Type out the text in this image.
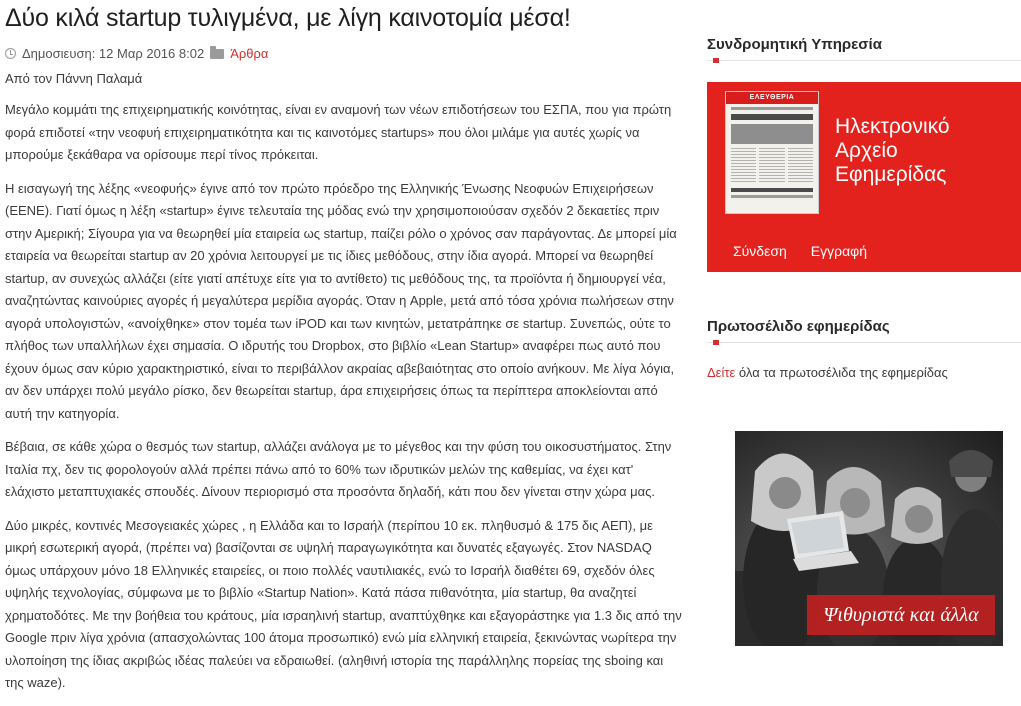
Δύο κιλά startup τυλιγμένα, με λίγη καινοτομία μέσα!
Δημοσιευση: 12 Μαρ 2016 8:02 Άρθρα
Από τον Πάννη Παλαμά

Μεγάλο κομμάτι της επιχειρηματικής κοινότητας, είναι εν αναμονή των νέων επιδοτήσεων του ΕΣΠΑ, που για πρώτη φορά επιδοτεί «την νεοφυή επιχειρηματικότητα και τις καινοτόμες startups» που όλοι μιλάμε για αυτές χωρίς να μπορούμε ξεκάθαρα να ορίσουμε περί τίνος πρόκειται.

Η εισαγωγή της λέξης «νεοφυής» έγινε από τον πρώτο πρόεδρο της Ελληνικής Ένωσης Νεοφυών Επιχειρήσεων (ΕΕΝΕ). Γιατί όμως η λέξη «startup» έγινε τελευταία της μόδας ενώ την χρησιμοποιούσαν σχεδόν 2 δεκαετίες πριν στην Αμερική; Σίγουρα για να θεωρηθεί μία εταιρεία ως startup, παίζει ρόλο ο χρόνος σαν παράγοντας. Δε μπορεί μία εταιρεία να θεωρείται startup αν 20 χρόνια λειτουργεί με τις ίδιες μεθόδους, στην ίδια αγορά. Μπορεί να θεωρηθεί startup, αν συνεχώς αλλάζει (είτε γιατί απέτυχε είτε για το αντίθετο) τις μεθόδους της, τα προϊόντα ή δημιουργεί νέα, αναζητώντας καινούριες αγορές ή μεγαλύτερα μερίδια αγοράς. Όταν η Apple, μετά από τόσα χρόνια πωλήσεων στην αγορά υπολογιστών, «ανοίχθηκε» στον τομέα των iPOD και των κινητών, μετατράπηκε σε startup. Συνεπώς, ούτε το πλήθος των υπαλλήλων έχει σημασία. Ο ιδρυτής του Dropbox, στο βιβλίο «Lean Startup» αναφέρει πως αυτό που έχουν όμως σαν κύριο χαρακτηριστικό, είναι το περιβάλλον ακραίας αβεβαιότητας στο οποίο ανήκουν. Με λίγα λόγια, αν δεν υπάρχει πολύ μεγάλο ρίσκο, δεν θεωρείται startup, άρα επιχειρήσεις όπως τα περίπτερα αποκλείονται από αυτή την κατηγορία.

Βέβαια, σε κάθε χώρα ο θεσμός των startup, αλλάζει ανάλογα με το μέγεθος και την φύση του οικοσυστήματος. Στην Ιταλία πχ, δεν τις φορολογούν αλλά πρέπει πάνω από το 60% των ιδρυτικών μελών της καθεμίας, να έχει κατ' ελάχιστο μεταπτυχιακές σπουδές. Δίνουν περιορισμό στα προσόντα δηλαδή, κάτι που δεν γίνεται στην χώρα μας.

Δύο μικρές, κοντινές Μεσογειακές χώρες , η Ελλάδα και το Ισραήλ (περίπου 10 εκ. πληθυσμό & 175 δις ΑΕΠ), με μικρή εσωτερική αγορά, (πρέπει να) βασίζονται σε υψηλή παραγωγικότητα και δυνατές εξαγωγές. Στον NASDAQ όμως υπάρχουν μόνο 18 Ελληνικές εταιρείες, οι ποιο πολλές ναυτιλιακές, ενώ το Ισραήλ διαθέτει 69, σχεδόν όλες υψηλής τεχνολογίας, σύμφωνα με το βιβλίο «Startup Nation». Κατά πάσα πιθανότητα, μία startup, θα αναζητεί χρηματοδότες. Με την βοήθεια του κράτους, μία ισραηλινή startup, αναπτύχθηκε και εξαγοράστηκε για 1.3 δις από την Google πριν λίγα χρόνια (απασχολώντας 100 άτομα προσωπικό) ενώ μία ελληνική εταιρεία, ξεκινώντας νωρίτερα την υλοποίηση της ίδιας ακριβώς ιδέας παλεύει να εδραιωθεί. (αληθινή ιστορία της παράλληλης πορείας της sboing και της waze).

Συνδρομητική Υπηρεσία
ΕΛΕΥΘΕΡΙΑ
Ηλεκτρονικό
Αρχείο
Εφημερίδας
Σύνδεση Εγγραφή
Πρωτοσέλιδο εφημερίδας
Δείτε όλα τα πρωτοσέλιδα της εφημερίδας
Ψιθυριστά και άλλα
